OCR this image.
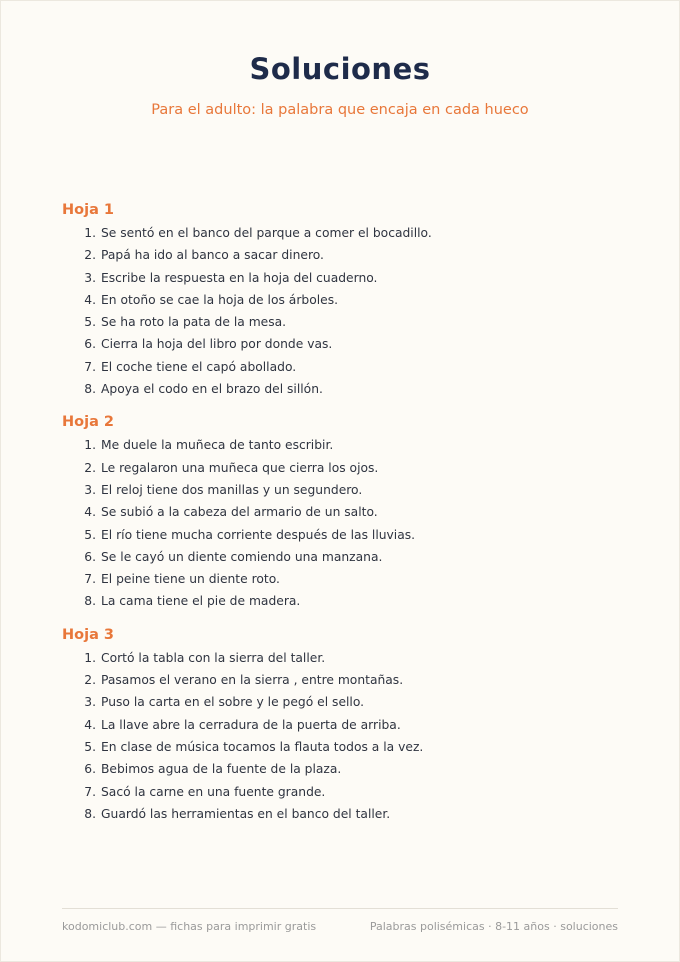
Soluciones
Para el adulto: la palabra que encaja en cada hueco
Hoja 1
1. Se sentó en el banco del parque a comer el bocadillo.
2. Papá ha ido al banco a sacar dinero.
3. Escribe la respuesta en la hoja del cuaderno.
4. En otoño se cae la hoja de los árboles.
5. Se ha roto la pata de la mesa.
6. Cierra la hoja del libro por donde vas.
7. El coche tiene el capó abollado.
8. Apoya el codo en el brazo del sillón.
Hoja 2
1. Me duele la muñeca de tanto escribir.
2. Le regalaron una muñeca que cierra los ojos.
3. El reloj tiene dos manillas y un segundero.
4. Se subió a la cabeza del armario de un salto.
5. El río tiene mucha corriente después de las lluvias.
6. Se le cayó un diente comiendo una manzana.
7. El peine tiene un diente roto.
8. La cama tiene el pie de madera.
Hoja 3
1. Cortó la tabla con la sierra del taller.
2. Pasamos el verano en la sierra , entre montañas.
3. Puso la carta en el sobre y le pegó el sello.
4. La llave abre la cerradura de la puerta de arriba.
5. En clase de música tocamos la flauta todos a la vez.
6. Bebimos agua de la fuente de la plaza.
7. Sacó la carne en una fuente grande.
8. Guardó las herramientas en el banco del taller.
kodomiclub.com — fichas para imprimir gratis	Palabras polisémicas · 8-11 años · soluciones
